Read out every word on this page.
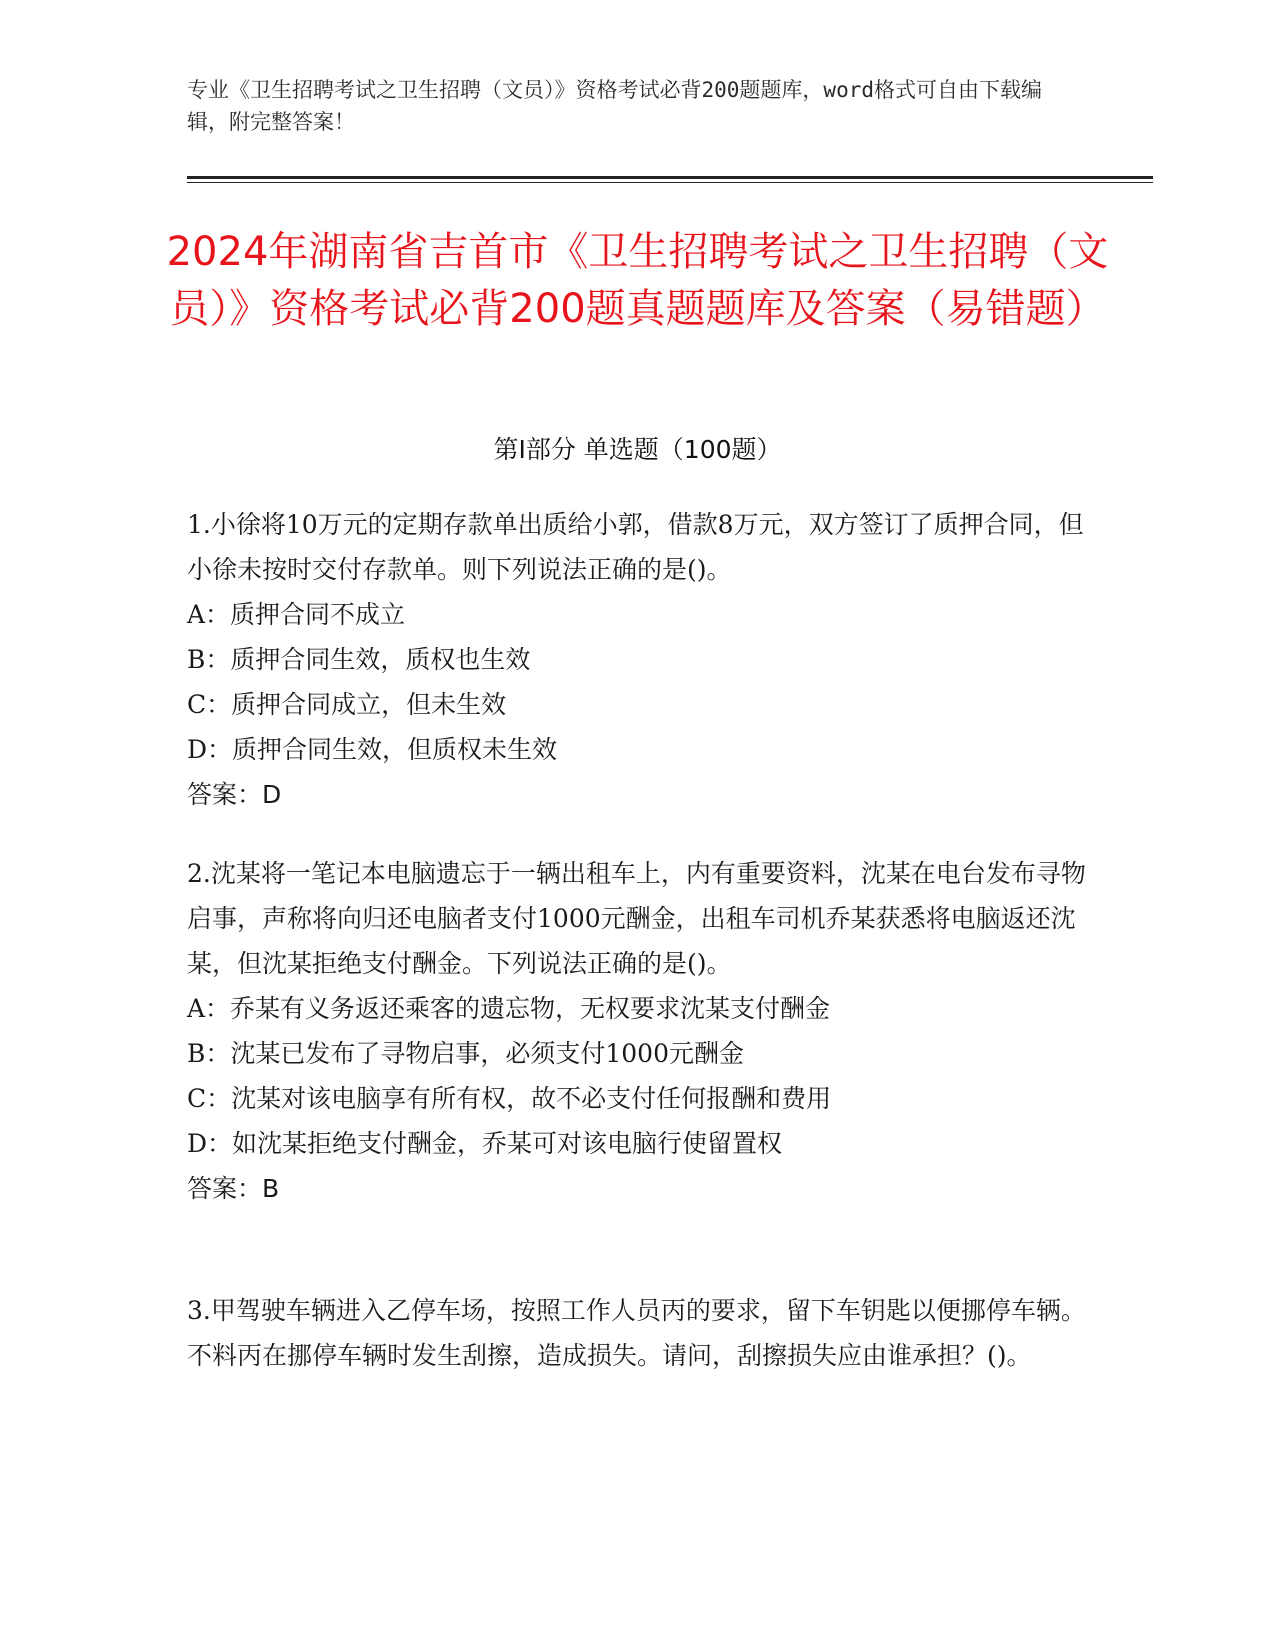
专业《卫生招聘考试之卫生招聘（文员）》资格考试必背200题题库，word格式可自由下载编辑，附完整答案！
2024年湖南省吉首市《卫生招聘考试之卫生招聘（文员）》资格考试必背200题真题题库及答案（易错题）
第Ⅰ部分 单选题（100题）
1.小徐将10万元的定期存款单出质给小郭，借款8万元，双方签订了质押合同，但小徐未按时交付存款单。则下列说法正确的是()。
A：质押合同不成立
B：质押合同生效，质权也生效
C：质押合同成立，但未生效
D：质押合同生效，但质权未生效
答案：D
2.沈某将一笔记本电脑遗忘于一辆出租车上，内有重要资料，沈某在电台发布寻物启事，声称将向归还电脑者支付1000元酬金，出租车司机乔某获悉将电脑返还沈某，但沈某拒绝支付酬金。下列说法正确的是()。
A：乔某有义务返还乘客的遗忘物，无权要求沈某支付酬金
B：沈某已发布了寻物启事，必须支付1000元酬金
C：沈某对该电脑享有所有权，故不必支付任何报酬和费用
D：如沈某拒绝支付酬金，乔某可对该电脑行使留置权
答案：B
3.甲驾驶车辆进入乙停车场，按照工作人员丙的要求，留下车钥匙以便挪停车辆。不料丙在挪停车辆时发生刮擦，造成损失。请问，刮擦损失应由谁承担？()。
